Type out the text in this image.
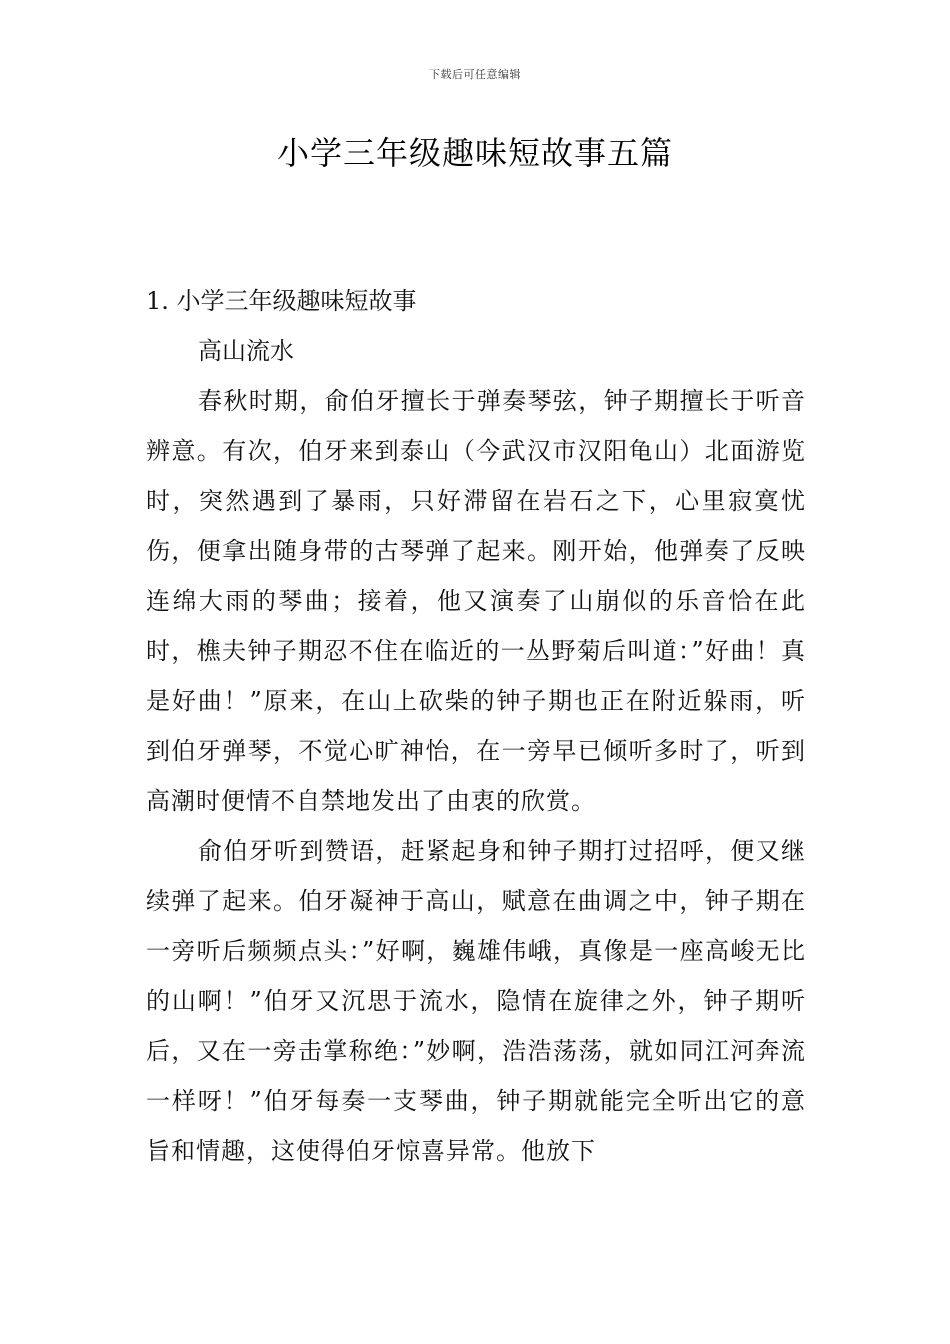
下载后可任意编辑
小学三年级趣味短故事五篇
1. 小学三年级趣味短故事

高山流水

春秋时期，俞伯牙擅长于弹奏琴弦，钟子期擅长于听音辨意。有次，伯牙来到泰山（今武汉市汉阳龟山）北面游览时，突然遇到了暴雨，只好滞留在岩石之下，心里寂寞忧伤，便拿出随身带的古琴弹了起来。刚开始，他弹奏了反映连绵大雨的琴曲；接着，他又演奏了山崩似的乐音恰在此时，樵夫钟子期忍不住在临近的一丛野菊后叫道：”好曲！真是好曲！”原来，在山上砍柴的钟子期也正在附近躲雨，听到伯牙弹琴，不觉心旷神怡，在一旁早已倾听多时了，听到高潮时便情不自禁地发出了由衷的欣赏。

俞伯牙听到赞语，赶紧起身和钟子期打过招呼，便又继续弹了起来。伯牙凝神于高山，赋意在曲调之中，钟子期在一旁听后频频点头：”好啊，巍雄伟峨，真像是一座高峻无比的山啊！”伯牙又沉思于流水，隐情在旋律之外，钟子期听后，又在一旁击掌称绝：”妙啊，浩浩荡荡，就如同江河奔流一样呀！”伯牙每奏一支琴曲，钟子期就能完全听出它的意旨和情趣，这使得伯牙惊喜异常。他放下
